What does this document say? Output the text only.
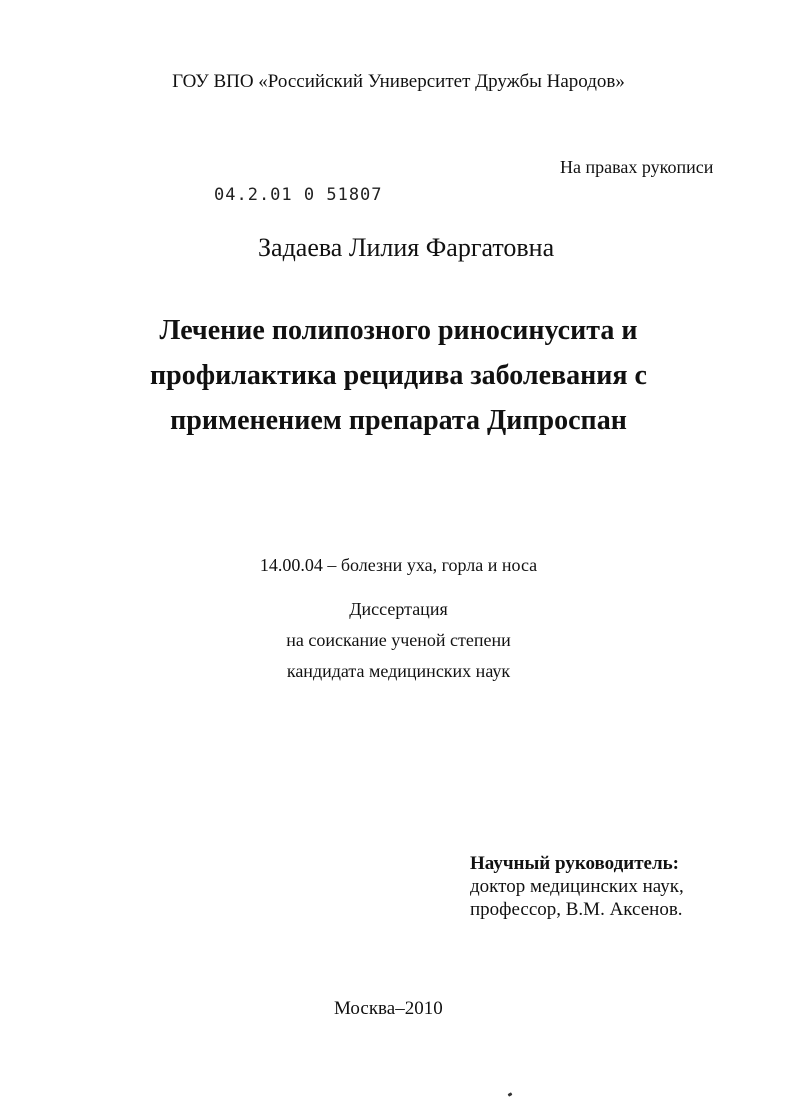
ГОУ ВПО «Российский Университет Дружбы Народов»
На правах рукописи
04.2.01 0 51807
Задаева Лилия Фаргатовна
Лечение полипозного риносинусита и
профилактика рецидива заболевания с
применением препарата Дипроспан
14.00.04 – болезни уха, горла и носа
Диссертация
на соискание ученой степени
кандидата медицинских наук
Научный руководитель:
доктор медицинских наук,
профессор, В.М. Аксенов.
Москва–2010
